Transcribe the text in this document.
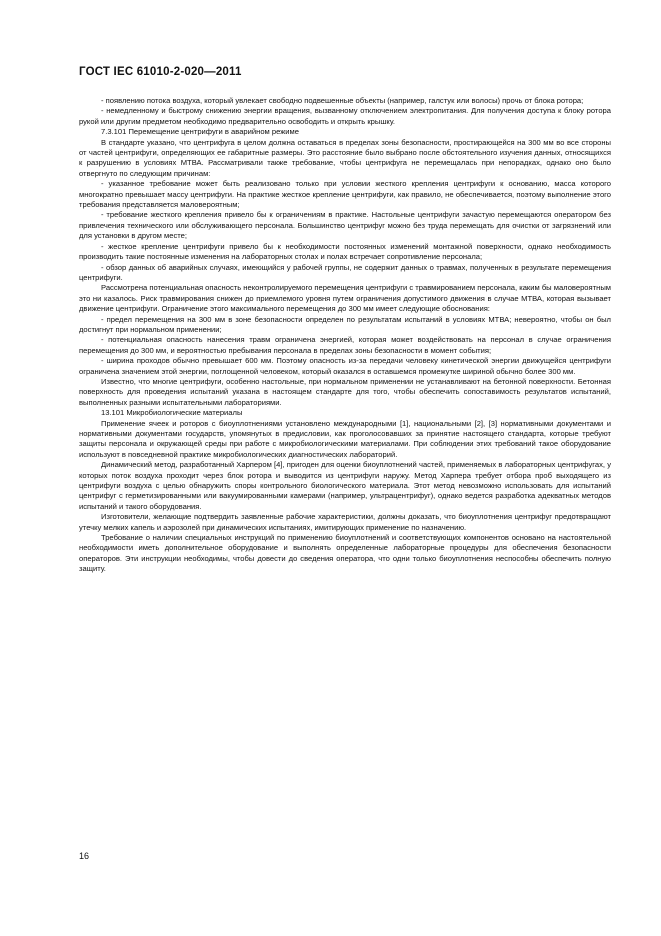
ГОСТ IEC 61010-2-020—2011

- появлению потока воздуха, который увлекает свободно подвешенные объекты (например, галстук или волосы) прочь от блока ротора;

- немедленному и быстрому снижению энергии вращения, вызванному отключением электропитания. Для получения доступа к блоку ротора рукой или другим предметом необходимо предварительно освободить и открыть крышку.

7.3.101 Перемещение центрифуги в аварийном режиме

В стандарте указано, что центрифуга в целом должна оставаться в пределах зоны безопасности, простирающейся на 300 мм во все стороны от частей центрифуги, определяющих ее габаритные размеры. Это расстояние было выбрано после обстоятельного изучения данных, относящихся к разрушению в условиях МТВА. Рассматривали также требование, чтобы центрифуга не перемещалась при непорадках, однако оно было отвергнуто по следующим причинам:

- указанное требование может быть реализовано только при условии жесткого крепления центрифуги к основанию, масса которого многократно превышает массу центрифуги. На практике жесткое крепление центрифуги, как правило, не обеспечивается, поэтому выполнение этого требования представляется маловероятным;

- требование жесткого крепления привело бы к ограничениям в практике. Настольные центрифуги зачастую перемещаются оператором без привлечения технического или обслуживающего персонала. Большинство центрифуг можно без труда перемещать для очистки от загрязнений или для установки в другом месте;

- жесткое крепление центрифуги привело бы к необходимости постоянных изменений монтажной поверхности, однако необходимость производить такие постоянные изменения на лабораторных столах и полах встречает сопротивление персонала;

- обзор данных об аварийных случаях, имеющийся у рабочей группы, не содержит данных о травмах, полученных в результате перемещения центрифуги.

Рассмотрена потенциальная опасность неконтролируемого перемещения центрифуги с травмированием персонала, каким бы маловероятным это ни казалось. Риск травмирования снижен до приемлемого уровня путем ограничения допустимого движения в случае МТВА, которая вызывает движение центрифуги. Ограничение этого максимального перемещения до 300 мм имеет следующие обоснования:

- предел перемещения на 300 мм в зоне безопасности определен по результатам испытаний в условиях МТВА; невероятно, чтобы он был достигнут при нормальном применении;

- потенциальная опасность нанесения травм ограничена энергией, которая может воздействовать на персонал в случае ограничения перемещения до 300 мм, и вероятностью пребывания персонала в пределах зоны безопасности в момент события;

- ширина проходов обычно превышает 600 мм. Поэтому опасность из-за передачи человеку кинетической энергии движущейся центрифуги ограничена значением этой энергии, поглощенной человеком, который оказался в оставшемся промежутке шириной обычно более 300 мм.

Известно, что многие центрифуги, особенно настольные, при нормальном применении не устанавливают на бетонной поверхности. Бетонная поверхность для проведения испытаний указана в настоящем стандарте для того, чтобы обеспечить сопоставимость результатов испытаний, выполненных разными испытательными лабораториями.

13.101 Микробиологические материалы

Применение ячеек и роторов с биоуплотнениями установлено международными [1], национальными [2], [3] нормативными документами и нормативными документами государств, упомянутых в предисловии, как проголосовавших за принятие настоящего стандарта, которые требуют защиты персонала и окружающей среды при работе с микробиологическими материалами. При соблюдении этих требований такое оборудование используют в повседневной практике микробиологических диагностических лабораторий.

Динамический метод, разработанный Харпером [4], пригоден для оценки биоуплотнений частей, применяемых в лабораторных центрифугах, у которых поток воздуха проходит через блок ротора и выводится из центрифуги наружу. Метод Харпера требует отбора проб выходящего из центрифуги воздуха с целью обнаружить споры контрольного биологического материала. Этот метод невозможно использовать для испытаний центрифуг с герметизированными или вакуумированными камерами (например, ультрацентрифуг), однако ведется разработка адекватных методов испытаний и такого оборудования.

Изготовители, желающие подтвердить заявленные рабочие характеристики, должны доказать, что биоуплотнения центрифуг предотвращают утечку мелких капель и аэрозолей при динамических испытаниях, имитирующих применение по назначению.

Требование о наличии специальных инструкций по применению биоуплотнений и соответствующих компонентов основано на настоятельной необходимости иметь дополнительное оборудование и выполнять определенные лабораторные процедуры для обеспечения безопасности операторов. Эти инструкции необходимы, чтобы довести до сведения оператора, что одни только биоуплотнения неспособны обеспечить полную защиту.

16
